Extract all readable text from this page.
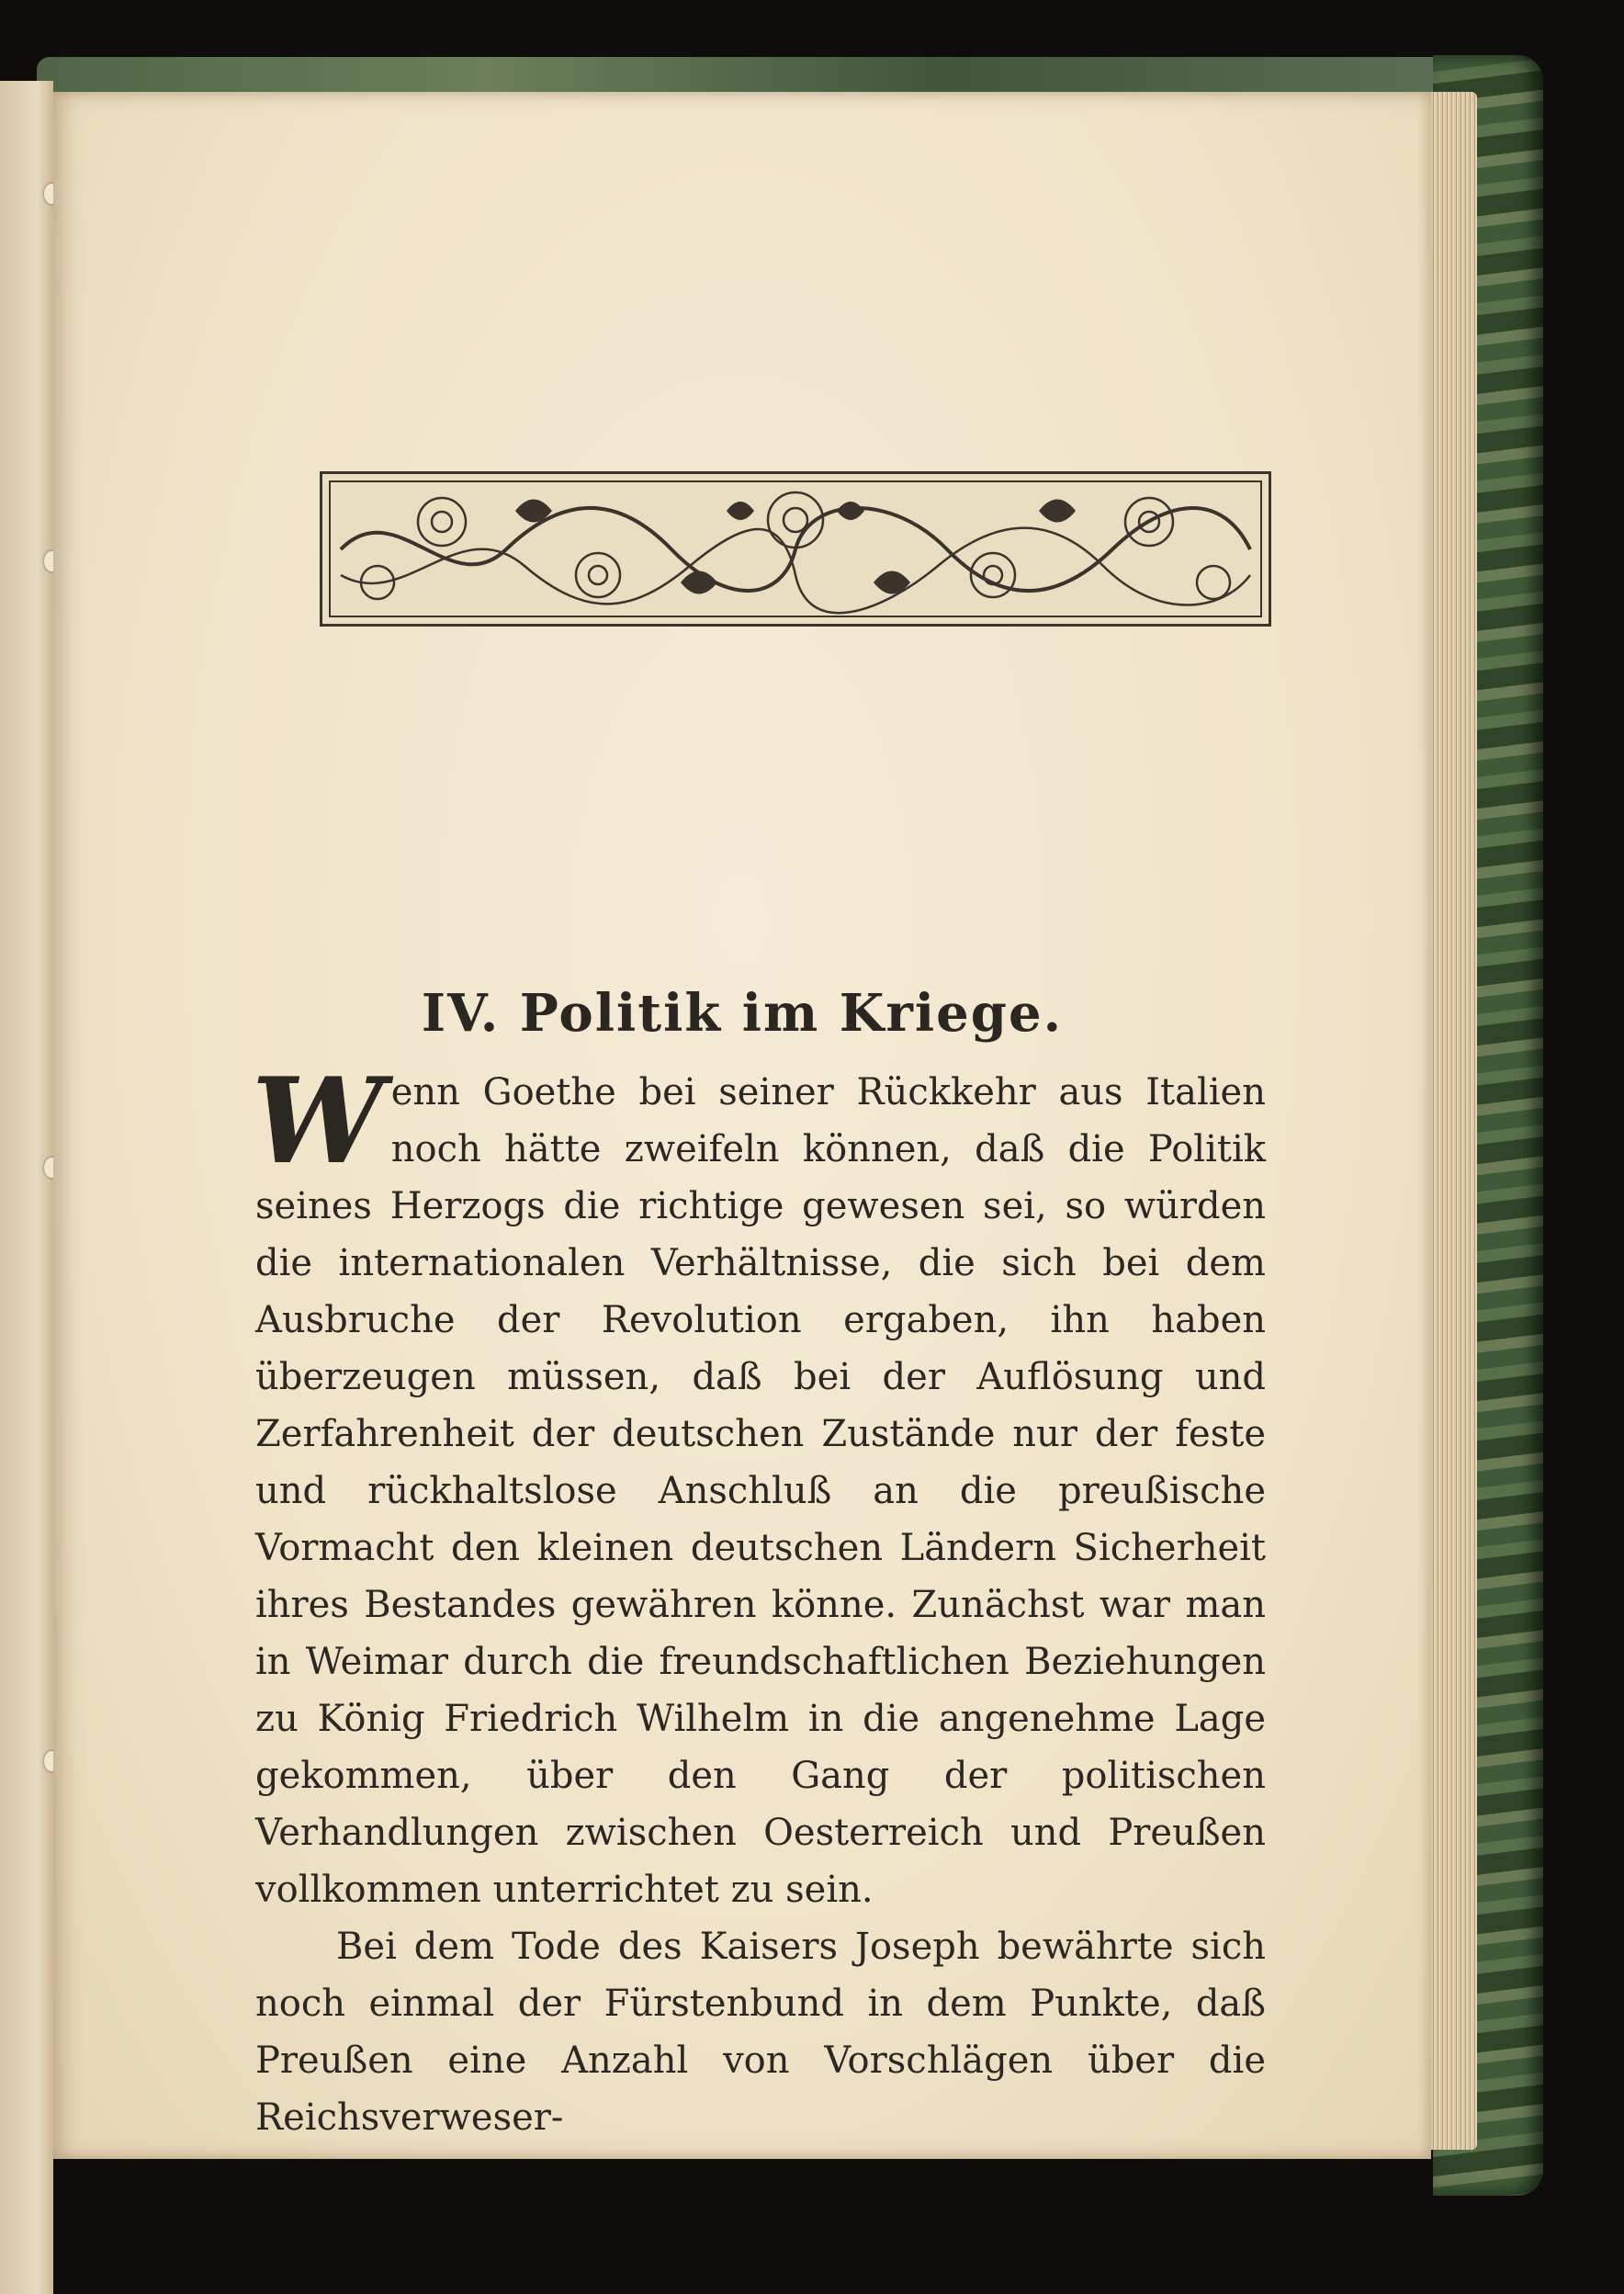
IV. Politik im Kriege.

Wenn Goethe bei seiner Rückkehr aus Italien noch hätte zweifeln können, daß die Politik seines Herzogs die richtige gewesen sei, so würden die internationalen Verhältnisse, die sich bei dem Ausbruche der Revolution ergaben, ihn haben überzeugen müssen, daß bei der Auflösung und Zerfahrenheit der deutschen Zustände nur der feste und rückhaltslose Anschluß an die preußische Vormacht den kleinen deutschen Ländern Sicherheit ihres Bestandes gewähren könne. Zunächst war man in Weimar durch die freundschaftlichen Beziehungen zu König Friedrich Wilhelm in die angenehme Lage gekommen, über den Gang der politischen Verhandlungen zwischen Oesterreich und Preußen vollkommen unterrichtet zu sein.

Bei dem Tode des Kaisers Joseph bewährte sich noch einmal der Fürstenbund in dem Punkte, daß Preußen eine Anzahl von Vorschlägen über die Reichsverweser-
